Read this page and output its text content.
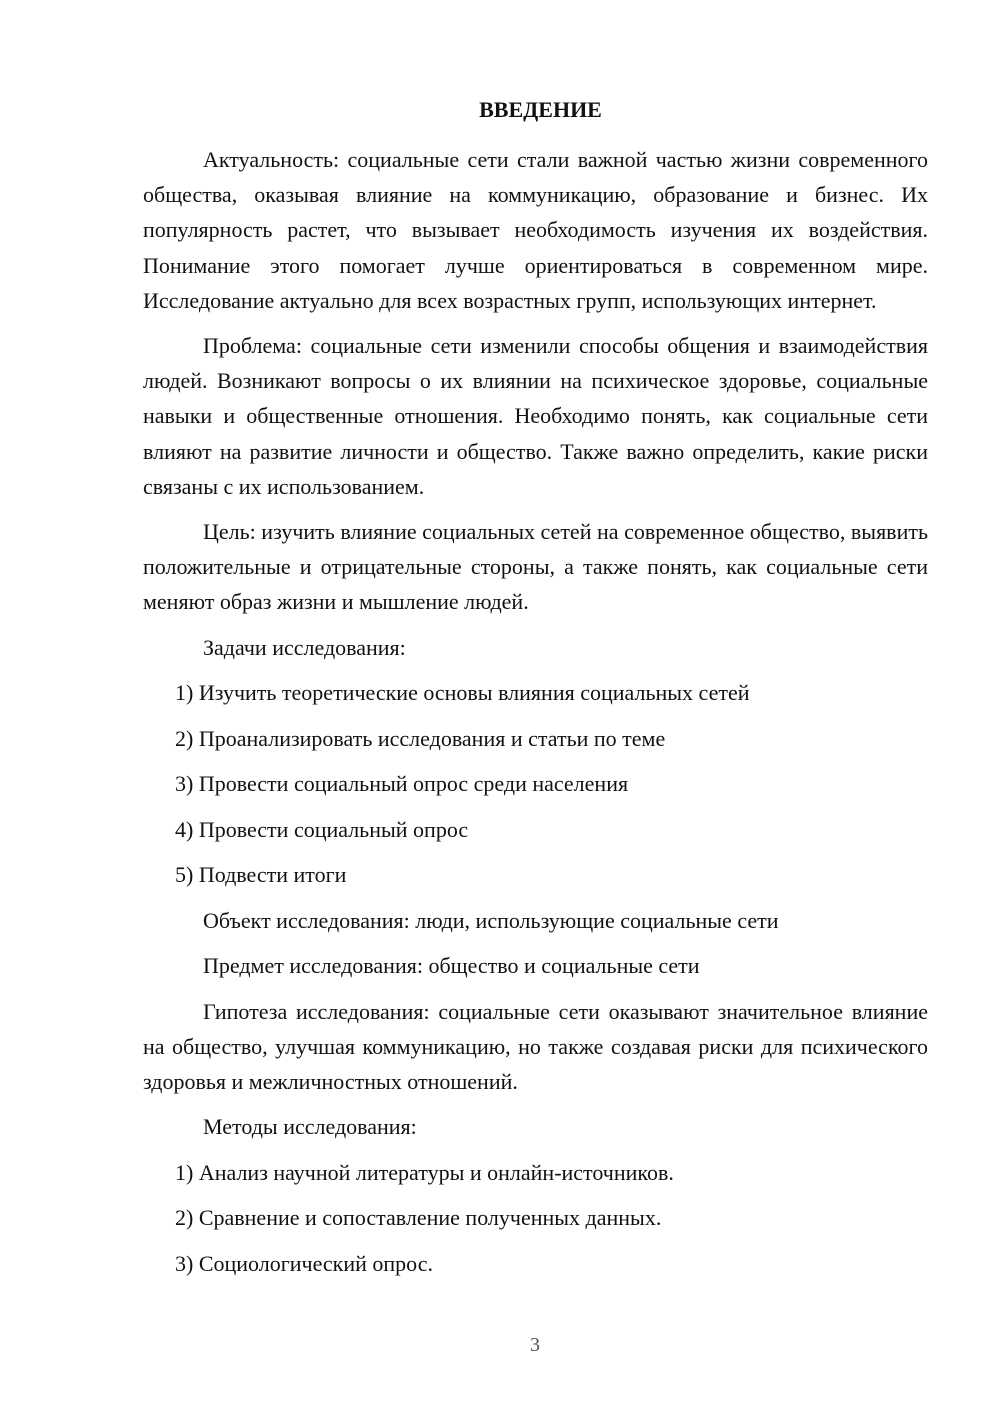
ВВЕДЕНИЕ

Актуальность: социальные сети стали важной частью жизни современного общества, оказывая влияние на коммуникацию, образование и бизнес. Их популярность растет, что вызывает необходимость изучения их воздействия. Понимание этого помогает лучше ориентироваться в современном мире. Исследование актуально для всех возрастных групп, использующих интернет.

Проблема: социальные сети изменили способы общения и взаимодействия людей. Возникают вопросы о их влиянии на психическое здоровье, социальные навыки и общественные отношения. Необходимо понять, как социальные сети влияют на развитие личности и общество. Также важно определить, какие риски связаны с их использованием.

Цель: изучить влияние социальных сетей на современное общество, выявить положительные и отрицательные стороны, а также понять, как социальные сети меняют образ жизни и мышление людей.

Задачи исследования:
1) Изучить теоретические основы влияния социальных сетей
2) Проанализировать исследования и статьи по теме
3) Провести социальный опрос среди населения
4) Провести социальный опрос
5) Подвести итоги
Объект исследования: люди, использующие социальные сети
Предмет исследования: общество и социальные сети

Гипотеза исследования: социальные сети оказывают значительное влияние на общество, улучшая коммуникацию, но также создавая риски для психического здоровья и межличностных отношений.

Методы исследования:
1) Анализ научной литературы и онлайн-источников.
2) Сравнение и сопоставление полученных данных.
3) Социологический опрос.
3
